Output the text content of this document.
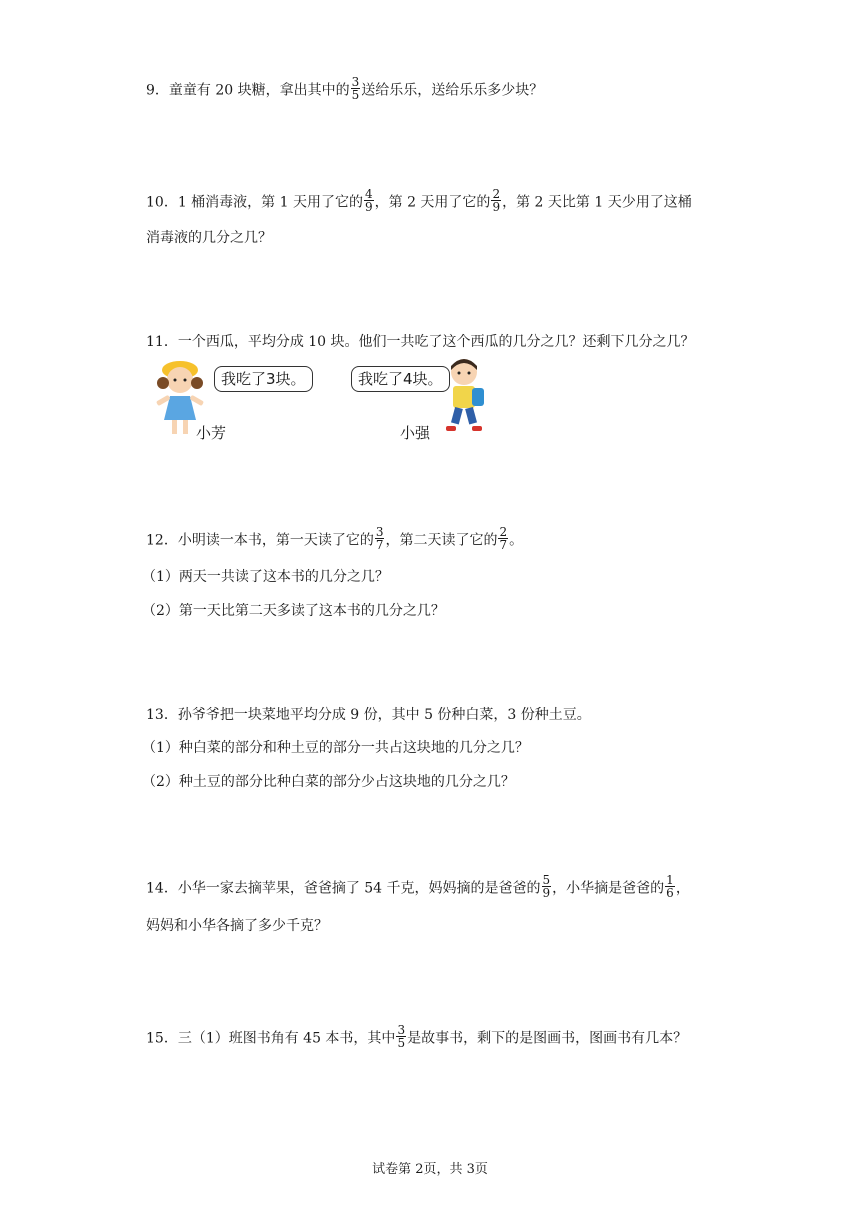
9．童童有 20 块糖，拿出其中的 $\frac{3}{5}$ 送给乐乐，送给乐乐多少块？
10．1 桶消毒液，第 1 天用了它的 $\frac{4}{9}$ ，第 2 天用了它的 $\frac{2}{9}$ ，第 2 天比第 1 天少用了这桶
消毒液的几分之几？
11．一个西瓜，平均分成 10 块。他们一共吃了这个西瓜的几分之几？还剩下几分之几？
我吃了3块。
小芳
我吃了4块。
小强
12．小明读一本书，第一天读了它的 $\frac{3}{7}$ ，第二天读了它的 $\frac{2}{7}$ 。
（1）两天一共读了这本书的几分之几？
（2）第一天比第二天多读了这本书的几分之几？
13．孙爷爷把一块菜地平均分成 9 份，其中 5 份种白菜，3 份种土豆。
（1）种白菜的部分和种土豆的部分一共占这块地的几分之几？
（2）种土豆的部分比种白菜的部分少占这块地的几分之几？
14．小华一家去摘苹果，爸爸摘了 54 千克，妈妈摘的是爸爸的 $\frac{5}{9}$ ，小华摘是爸爸的 $\frac{1}{6}$ ，
妈妈和小华各摘了多少千克？
15．三（1）班图书角有 45 本书，其中 $\frac{3}{5}$ 是故事书，剩下的是图画书，图画书有几本？
试卷第 2页，共 3页
